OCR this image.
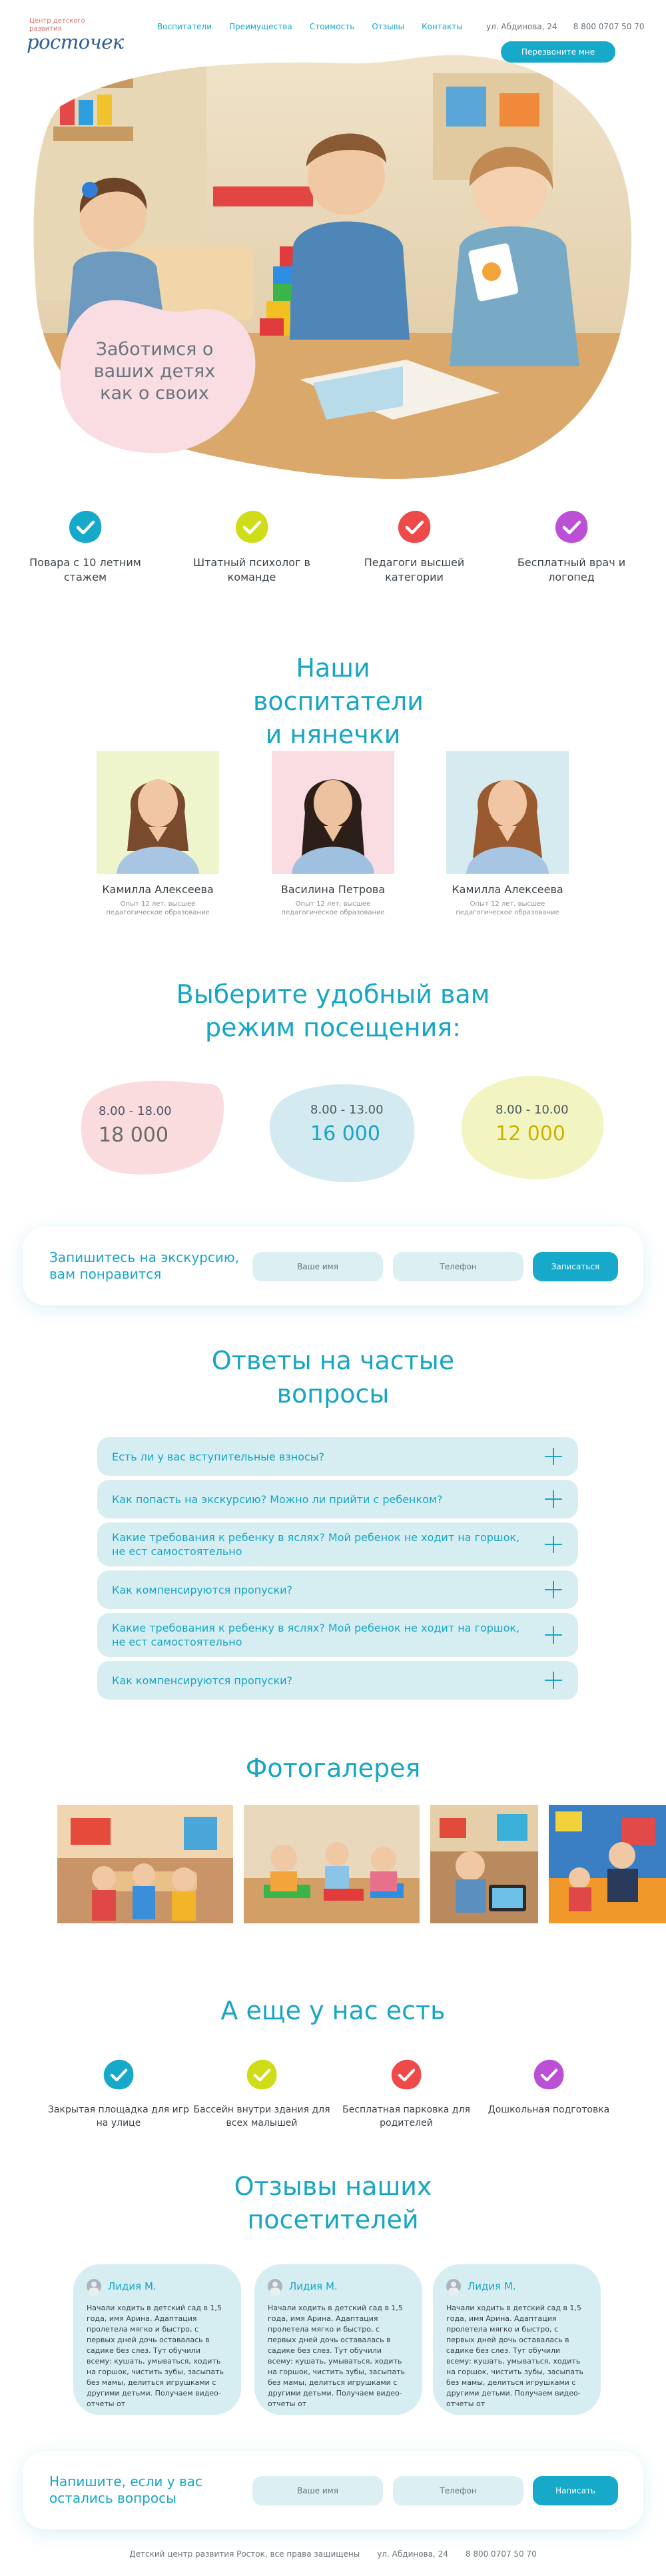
Центр детского развития
росточек
Воспитатели Преимущества Стоимость Отзывы Контакты	ул. Абдинова, 24 8 800 0707 50 70
Перезвоните мне
Заботимся о ваших детях как о своих

Повара с 10 летним стажем

Штатный психолог в команде

Педагоги высшей категории

Бесплатный врач и логопед

Наши воспитатели и нянечки
Камилла Алексеева
Опыт 12 лет, высшее педагогическое образование
Василина Петрова
Опыт 12 лет, высшее педагогическое образование
Камилла Алексеева
Опыт 12 лет, высшее педагогическое образование
Выберите удобный вам режим посещения:
8.00 - 18.00
18 000
8.00 - 13.00
16 000
8.00 - 10.00
12 000
Запишитесь на экскурсию, вам понравится
Ваше имя
Телефон	Записаться
Ответы на частые вопросы
Есть ли у вас вступительные взносы?
Как попасть на экскурсию? Можно ли прийти с ребенком?
Какие требования к ребенку в яслях? Мой ребенок не ходит на горшок, не ест самостоятельно
Как компенсируются пропуски?
Какие требования к ребенку в яслях? Мой ребенок не ходит на горшок, не ест самостоятельно
Как компенсируются пропуски?
Фотогалерея
А еще у нас есть

Закрытая площадка для игр на улице

Бассейн внутри здания для всех малышей

Бесплатная парковка для родителей

Дошкольная подготовка

Отзывы наших посетителей
Лидия М.
Начали ходить в детский сад в 1,5 года, имя Арина. Адаптация пролетела мягко и быстро, с первых дней дочь оставалась в садике без слез. Тут обучили всему: кушать, умываться, ходить на горшок, чистить зубы, засыпать без мамы, делиться игрушками с другими детьми. Получаем видео-отчеты от
Лидия М.
Начали ходить в детский сад в 1,5 года, имя Арина. Адаптация пролетела мягко и быстро, с первых дней дочь оставалась в садике без слез. Тут обучили всему: кушать, умываться, ходить на горшок, чистить зубы, засыпать без мамы, делиться игрушками с другими детьми. Получаем видео-отчеты от
Лидия М.
Начали ходить в детский сад в 1,5 года, имя Арина. Адаптация пролетела мягко и быстро, с первых дней дочь оставалась в садике без слез. Тут обучили всему: кушать, умываться, ходить на горшок, чистить зубы, засыпать без мамы, делиться игрушками с другими детьми. Получаем видео-отчеты от
Напишите, если у вас остались вопросы
Ваше имя
Телефон	Написать
Детский центр развития Росток, все права защищены ул. Абдинова, 24 8 800 0707 50 70
